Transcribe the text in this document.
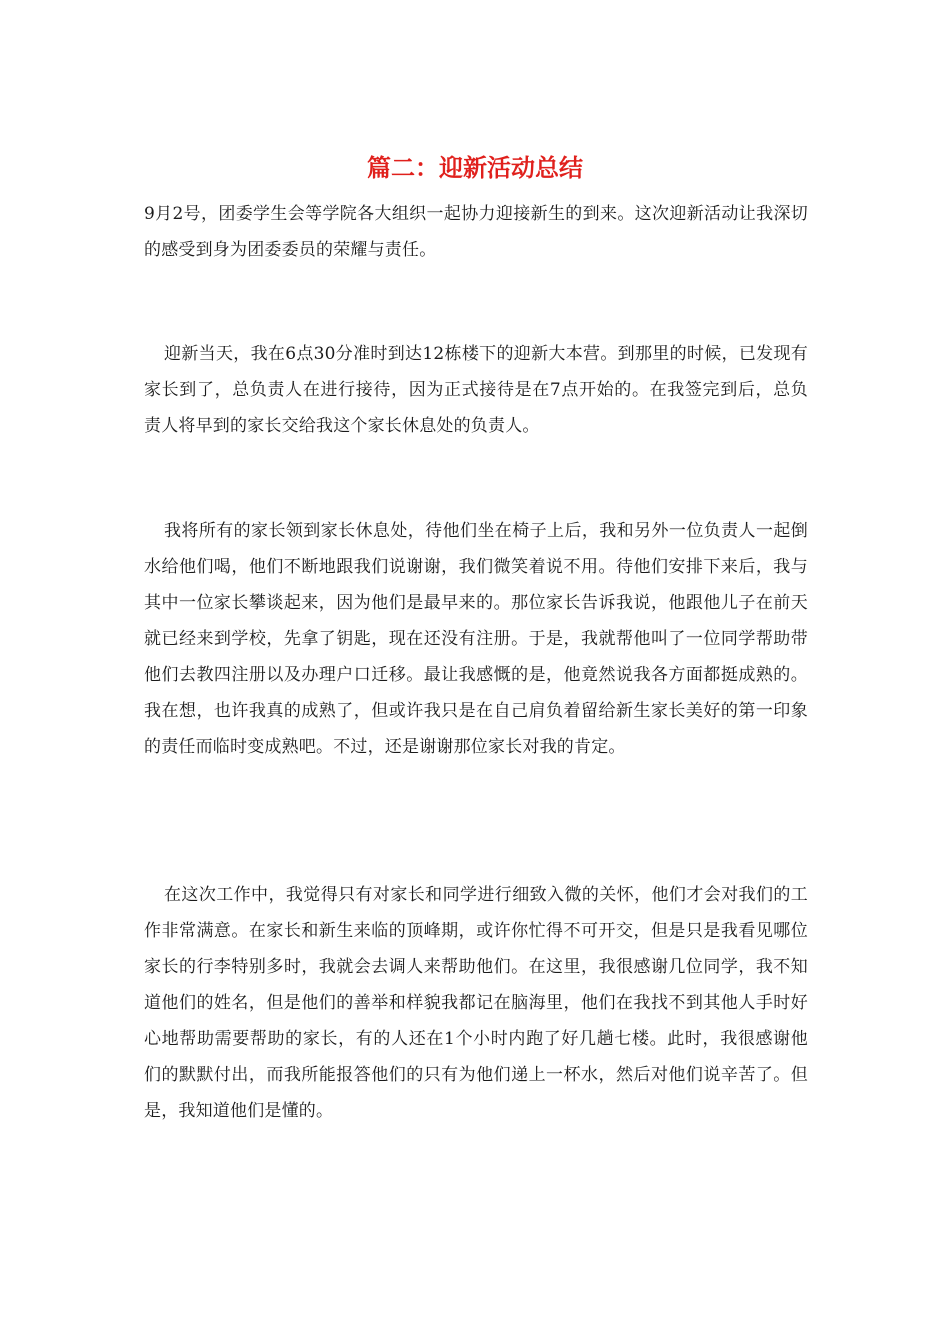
篇二：迎新活动总结

9月2号，团委学生会等学院各大组织一起协力迎接新生的到来。这次迎新活动让我深切的感受到身为团委委员的荣耀与责任。

迎新当天，我在6点30分准时到达12栋楼下的迎新大本营。到那里的时候，已发现有家长到了，总负责人在进行接待，因为正式接待是在7点开始的。在我签完到后，总负责人将早到的家长交给我这个家长休息处的负责人。

我将所有的家长领到家长休息处，待他们坐在椅子上后，我和另外一位负责人一起倒水给他们喝，他们不断地跟我们说谢谢，我们微笑着说不用。待他们安排下来后，我与其中一位家长攀谈起来，因为他们是最早来的。那位家长告诉我说，他跟他儿子在前天就已经来到学校，先拿了钥匙，现在还没有注册。于是，我就帮他叫了一位同学帮助带他们去教四注册以及办理户口迁移。最让我感慨的是，他竟然说我各方面都挺成熟的。我在想，也许我真的成熟了，但或许我只是在自己肩负着留给新生家长美好的第一印象的责任而临时变成熟吧。不过，还是谢谢那位家长对我的肯定。

在这次工作中，我觉得只有对家长和同学进行细致入微的关怀，他们才会对我们的工作非常满意。在家长和新生来临的顶峰期，或许你忙得不可开交，但是只是我看见哪位家长的行李特别多时，我就会去调人来帮助他们。在这里，我很感谢几位同学，我不知道他们的姓名，但是他们的善举和样貌我都记在脑海里，他们在我找不到其他人手时好心地帮助需要帮助的家长，有的人还在1个小时内跑了好几趟七楼。此时，我很感谢他们的默默付出，而我所能报答他们的只有为他们递上一杯水，然后对他们说辛苦了。但是，我知道他们是懂的。
